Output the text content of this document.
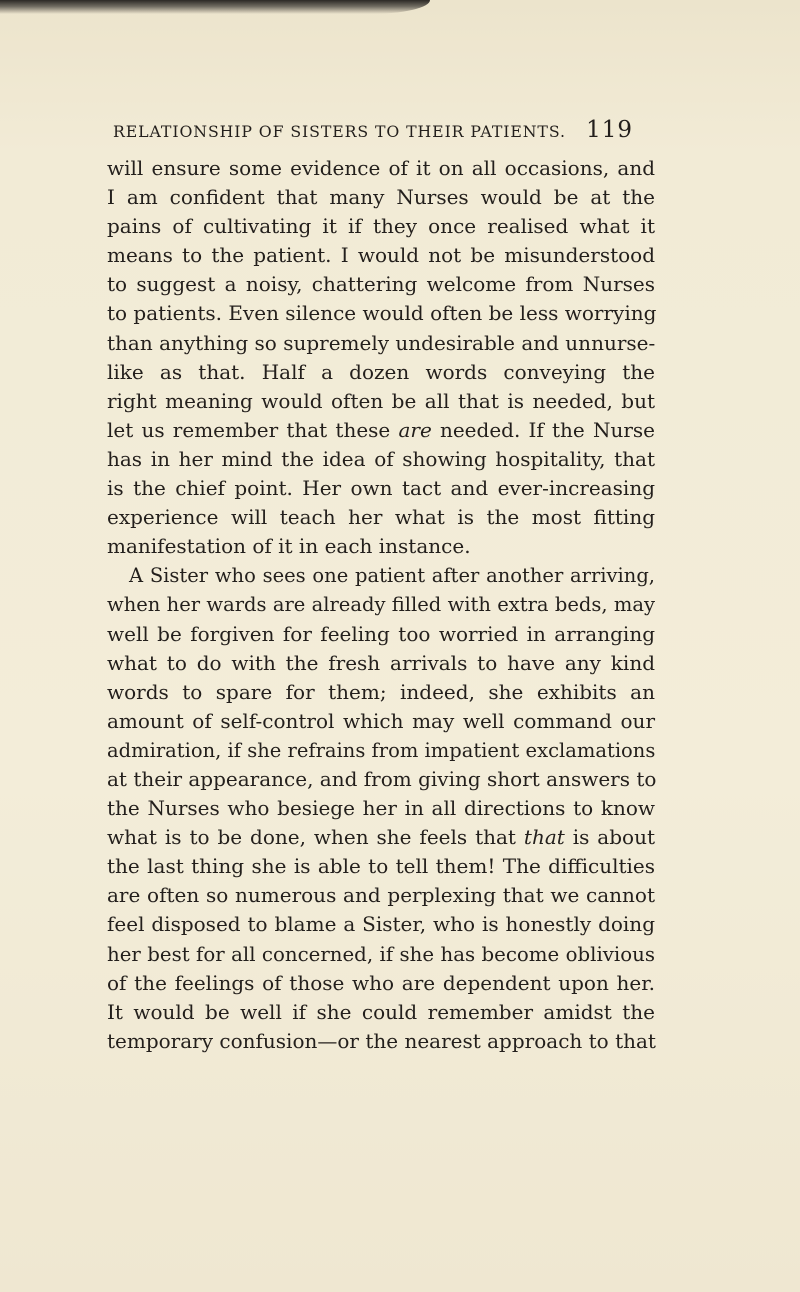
RELATIONSHIP OF SISTERS TO THEIR PATIENTS. 119
will ensure some evidence of it on all occasions, and
I am confident that many Nurses would be at the
pains of cultivating it if they once realised what it
means to the patient. I would not be misunderstood
to suggest a noisy, chattering welcome from Nurses
to patients. Even silence would often be less worrying
than anything so supremely undesirable and unnurse-
like as that. Half a dozen words conveying the
right meaning would often be all that is needed, but
let us remember that these are needed. If the Nurse
has in her mind the idea of showing hospitality, that
is the chief point. Her own tact and ever-increasing
experience will teach her what is the most fitting
manifestation of it in each instance.
A Sister who sees one patient after another arriving,
when her wards are already filled with extra beds, may
well be forgiven for feeling too worried in arranging
what to do with the fresh arrivals to have any kind
words to spare for them; indeed, she exhibits an
amount of self-control which may well command our
admiration, if she refrains from impatient exclamations
at their appearance, and from giving short answers to
the Nurses who besiege her in all directions to know
what is to be done, when she feels that that is about
the last thing she is able to tell them! The difficulties
are often so numerous and perplexing that we cannot
feel disposed to blame a Sister, who is honestly doing
her best for all concerned, if she has become oblivious
of the feelings of those who are dependent upon her.
It would be well if she could remember amidst the
temporary confusion—or the nearest approach to that
